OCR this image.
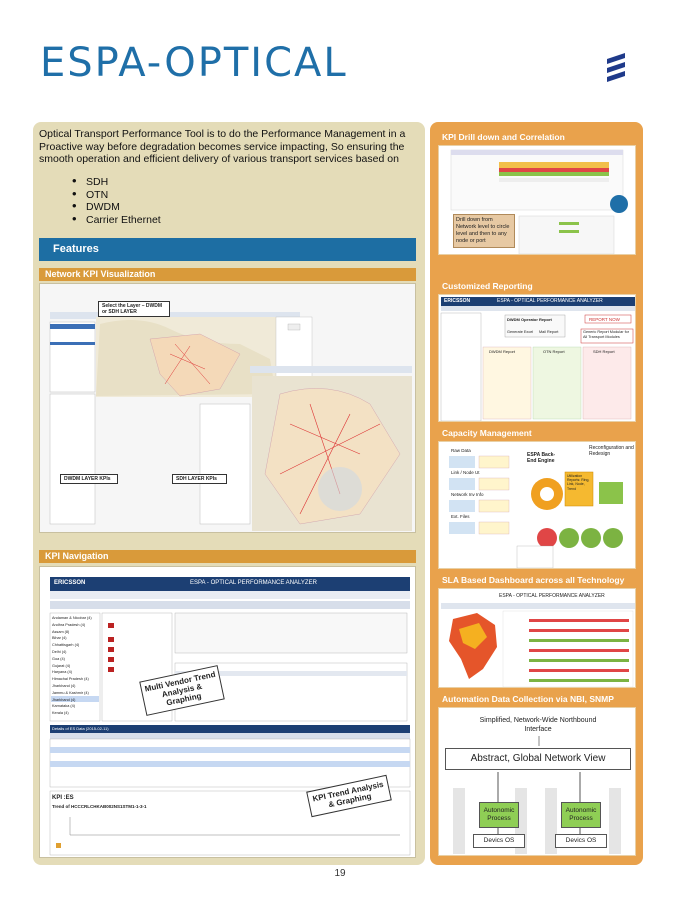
ESPA-OPTICAL

Optical Transport Performance Tool is to do the Performance Management in a Proactive way before degradation becomes service impacting, So ensuring the smooth operation and efficient delivery of various transport services based on

• SDH
• OTN
• DWDM
• Carrier Ethernet
Features
Network KPI Visualization
Select the Layer – DWDM or SDH LAYER
DWDM LAYER KPIs	SDH LAYER KPIs
KPI Navigation
ERICSSON	ESPA - OPTICAL PERFORMANCE ANALYZER
Andaman & Nicobar (4)
Andhra Pradesh (4)
Assam (8)
Bihar (4)
Chhattisgarh (4)
Delhi (4)
Goa (4)
Gujarat (4)
Haryana (4)
Himachal Pradesh (4)
Jharkhand (4)
Jammu & Kashmir (4)
Jharkhand (4)
Karnataka (4)
Kerala (4)
Multi Vendor Trend Analysis & Graphing
KPI Trend Analysis & Graphing
Details of ES Data (2015-02-11)
KPI :ES
Trend of HCCCRLCHKAB002NS1STM1-1-3-1
KPI Drill down and Correlation
Drill down from Network level to circle level and then to any node or port
Customized Reporting
ERICSSON	ESPA - OPTICAL PERFORMANCE ANALYZER
DWDM Operator Report	REPORT NOW
Generic Report Modular for All Transport Modules
Generate Excel Mail Report
DWDM Report	OTN Report	SDH Report
Capacity Management
Reconfiguration and Redesign
ESPA Back-End Engine
Utilization Reports: Ring, Link, Node, Trend
Raw Data
Link / Node Ut
Network Inv Info
Ext. Files
SLA Based Dashboard across all Technology
ESPA - OPTICAL PERFORMANCE ANALYZER
Automation Data Collection via NBI, SNMP
Simplified, Network-Wide Northbound Interface
Abstract, Global Network View
Autonomic Process
Autonomic Process
Devics OS	Devics OS
19
